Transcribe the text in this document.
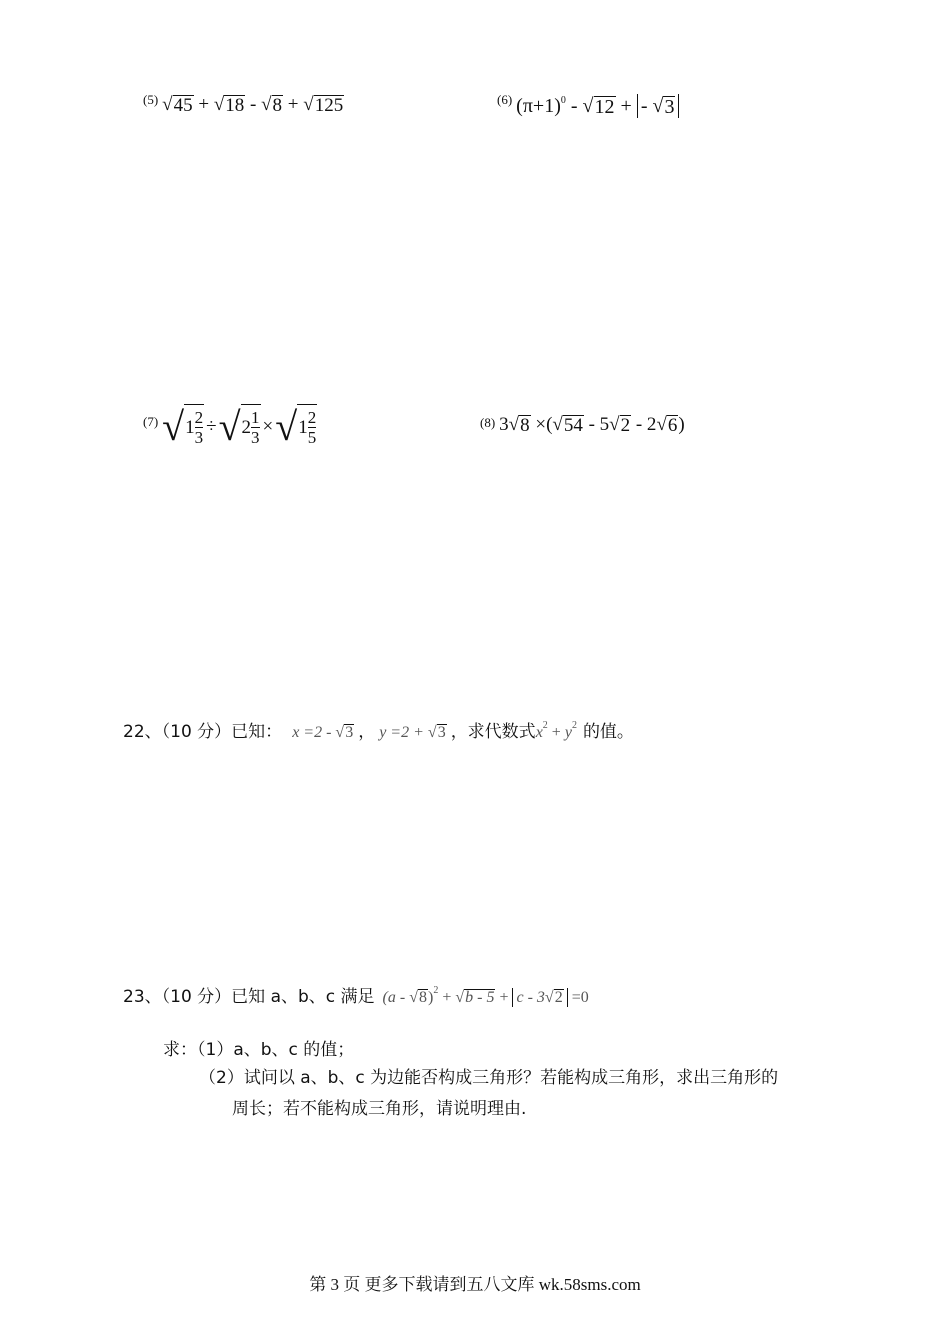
$^{(5)}$ √ 45 + √ 18 - √ 8 + √ 125	$^{(6)}$ $(\pi+1)^0$ - √ 12 + - √ 3
$^{(7)}$ √ $1 \frac{2}{3}$ ÷ √ $2 \frac{1}{3}$ × √ $1 \frac{2}{5}$	(8) 3 √ 8 ×( √ 54 - 5 √ 2 - 2 √ 6 )
22、（10 分）已知： x =2 - √ 3 ， y =2 + √ 3 ，求代数式$x^2 + y^2$ 的值。
23、（10 分）已知 a、b、c 满足 (a - √ 8 )$^2$ + √ b - 5 + c - 3 √ 2 =0
求：（1）a、b、c 的值；
（2）试问以 a、b、c 为边能否构成三角形？若能构成三角形，求出三角形的
周长；若不能构成三角形，请说明理由.
第 3 页 更多下载请到五八文库 wk.58sms.com
